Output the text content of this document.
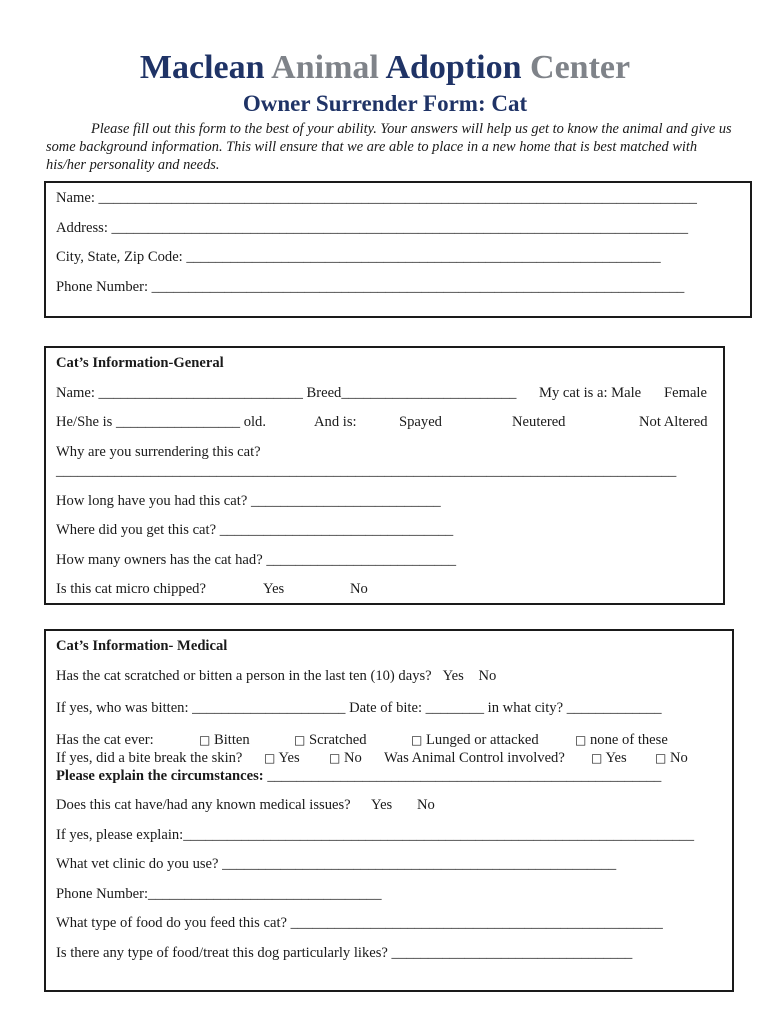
Maclean Animal Adoption Center
Owner Surrender Form: Cat

Please fill out this form to the best of your ability. Your answers will help us get to know the animal and give us some background information. This will ensure that we are able to place in a new home that is best matched with his/her personality and needs.

Name: __________________________________________________________________________________
Address: _______________________________________________________________________________
City, State, Zip Code: _________________________________________________________________
Phone Number: _________________________________________________________________________
Cat’s Information-General
Name: ____________________________ Breed________________________ My cat is a: Male Female
He/She is _________________ old.	And is:	Spayed	Neutered	Not Altered
Why are you surrendering this cat?
_____________________________________________________________________________________
How long have you had this cat? __________________________
Where did you get this cat? ________________________________
How many owners has the cat had? __________________________
Is this cat micro chipped?	Yes	No
Cat’s Information- Medical
Has the cat scratched or bitten a person in the last ten (10) days? Yes No
If yes, who was bitten: _____________________ Date of bite: ________ in what city? _____________
Has the cat ever:	□ Bitten	□ Scratched	□ Lunged or attacked	□ none of these
If yes, did a bite break the skin? □ Yes □ No Was Animal Control involved? □ Yes □ No
Please explain the circumstances: ______________________________________________________
Does this cat have/had any known medical issues? Yes No
If yes, please explain:______________________________________________________________________
What vet clinic do you use? ______________________________________________________
Phone Number:________________________________
What type of food do you feed this cat? ___________________________________________________
Is there any type of food/treat this dog particularly likes? _________________________________
